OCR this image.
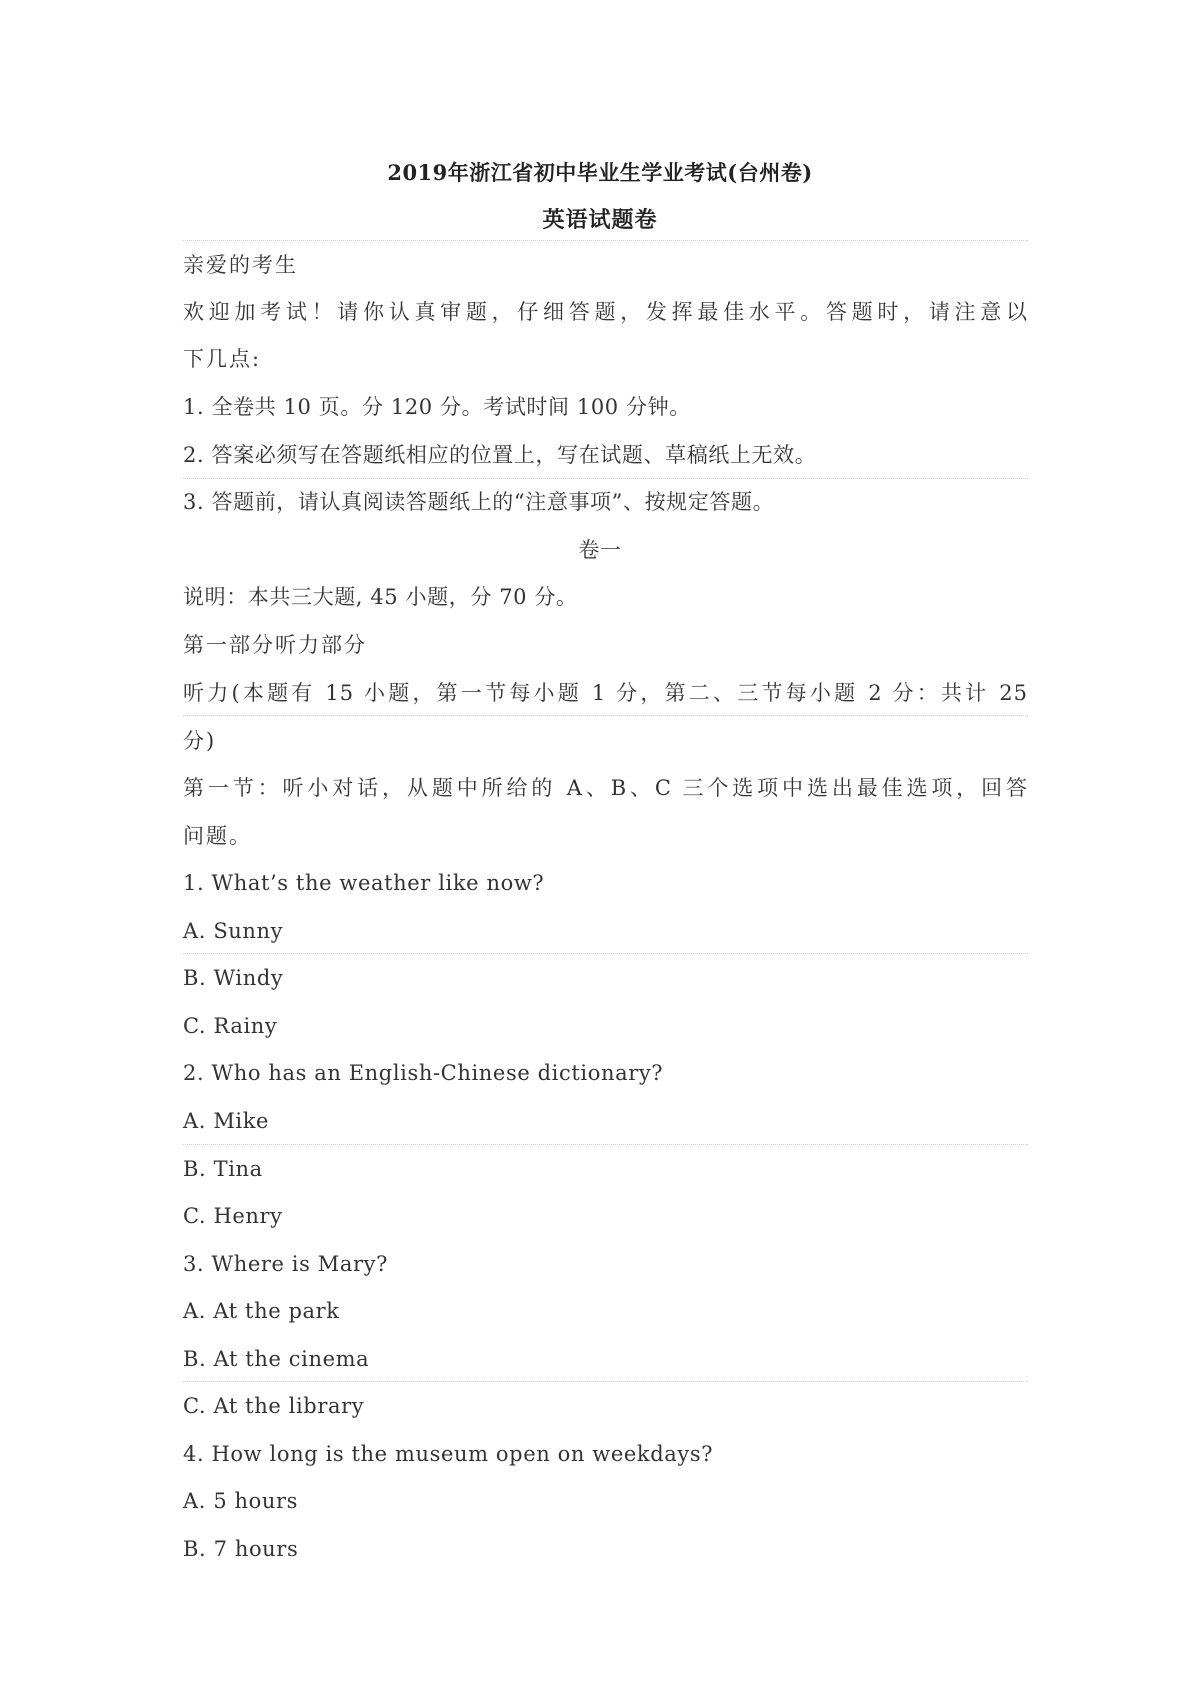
2019年浙江省初中毕业生学业考试(台州卷)
英语试题卷
亲爱的考生
欢迎加考试！请你认真审题，仔细答题，发挥最佳水平。答题时，请注意以
下几点:
1. 全卷共 10 页。分 120 分。考试时间 100 分钟。
2. 答案必须写在答题纸相应的位置上，写在试题、草稿纸上无效。
3. 答题前，请认真阅读答题纸上的“注意事项”、按规定答题。
卷一
说明：本共三大题, 45 小题，分 70 分。
第一部分听力部分
听力(本题有 15 小题，第一节每小题 1 分，第二、三节每小题 2 分：共计 25
分)
第一节：听小对话，从题中所给的 A、B、C 三个选项中选出最佳选项，回答
问题。
1. What’s the weather like now?
A. Sunny
B. Windy
C. Rainy
2. Who has an English-Chinese dictionary?
A. Mike
B. Tina
C. Henry
3. Where is Mary?
A. At the park
B. At the cinema
C. At the library
4. How long is the museum open on weekdays?
A. 5 hours
B. 7 hours
